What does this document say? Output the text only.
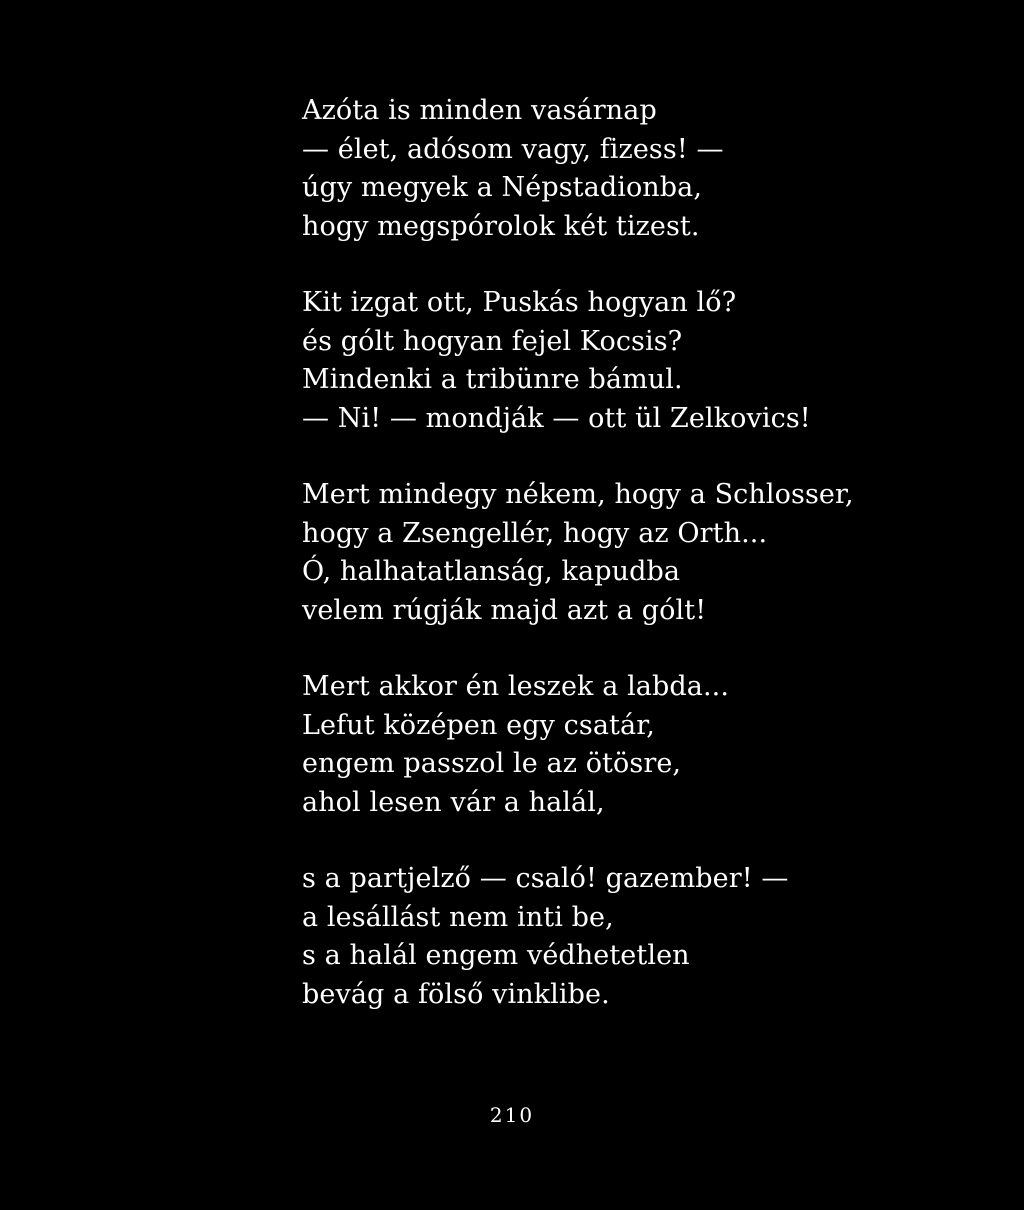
Azóta is minden vasárnap
— élet, adósom vagy, fizess! —
úgy megyek a Népstadionba,
hogy megspórolok két tizest.
Kit izgat ott, Puskás hogyan lő?
és gólt hogyan fejel Kocsis?
Mindenki a tribünre bámul.
— Ni! — mondják — ott ül Zelkovics!
Mert mindegy nékem, hogy a Schlosser,
hogy a Zsengellér, hogy az Orth...
Ó, halhatatlanság, kapudba
velem rúgják majd azt a gólt!
Mert akkor én leszek a labda...
Lefut középen egy csatár,
engem passzol le az ötösre,
ahol lesen vár a halál,
s a partjelző — csaló! gazember! —
a lesállást nem inti be,
s a halál engem védhetetlen
bevág a fölső vinklibe.
210
